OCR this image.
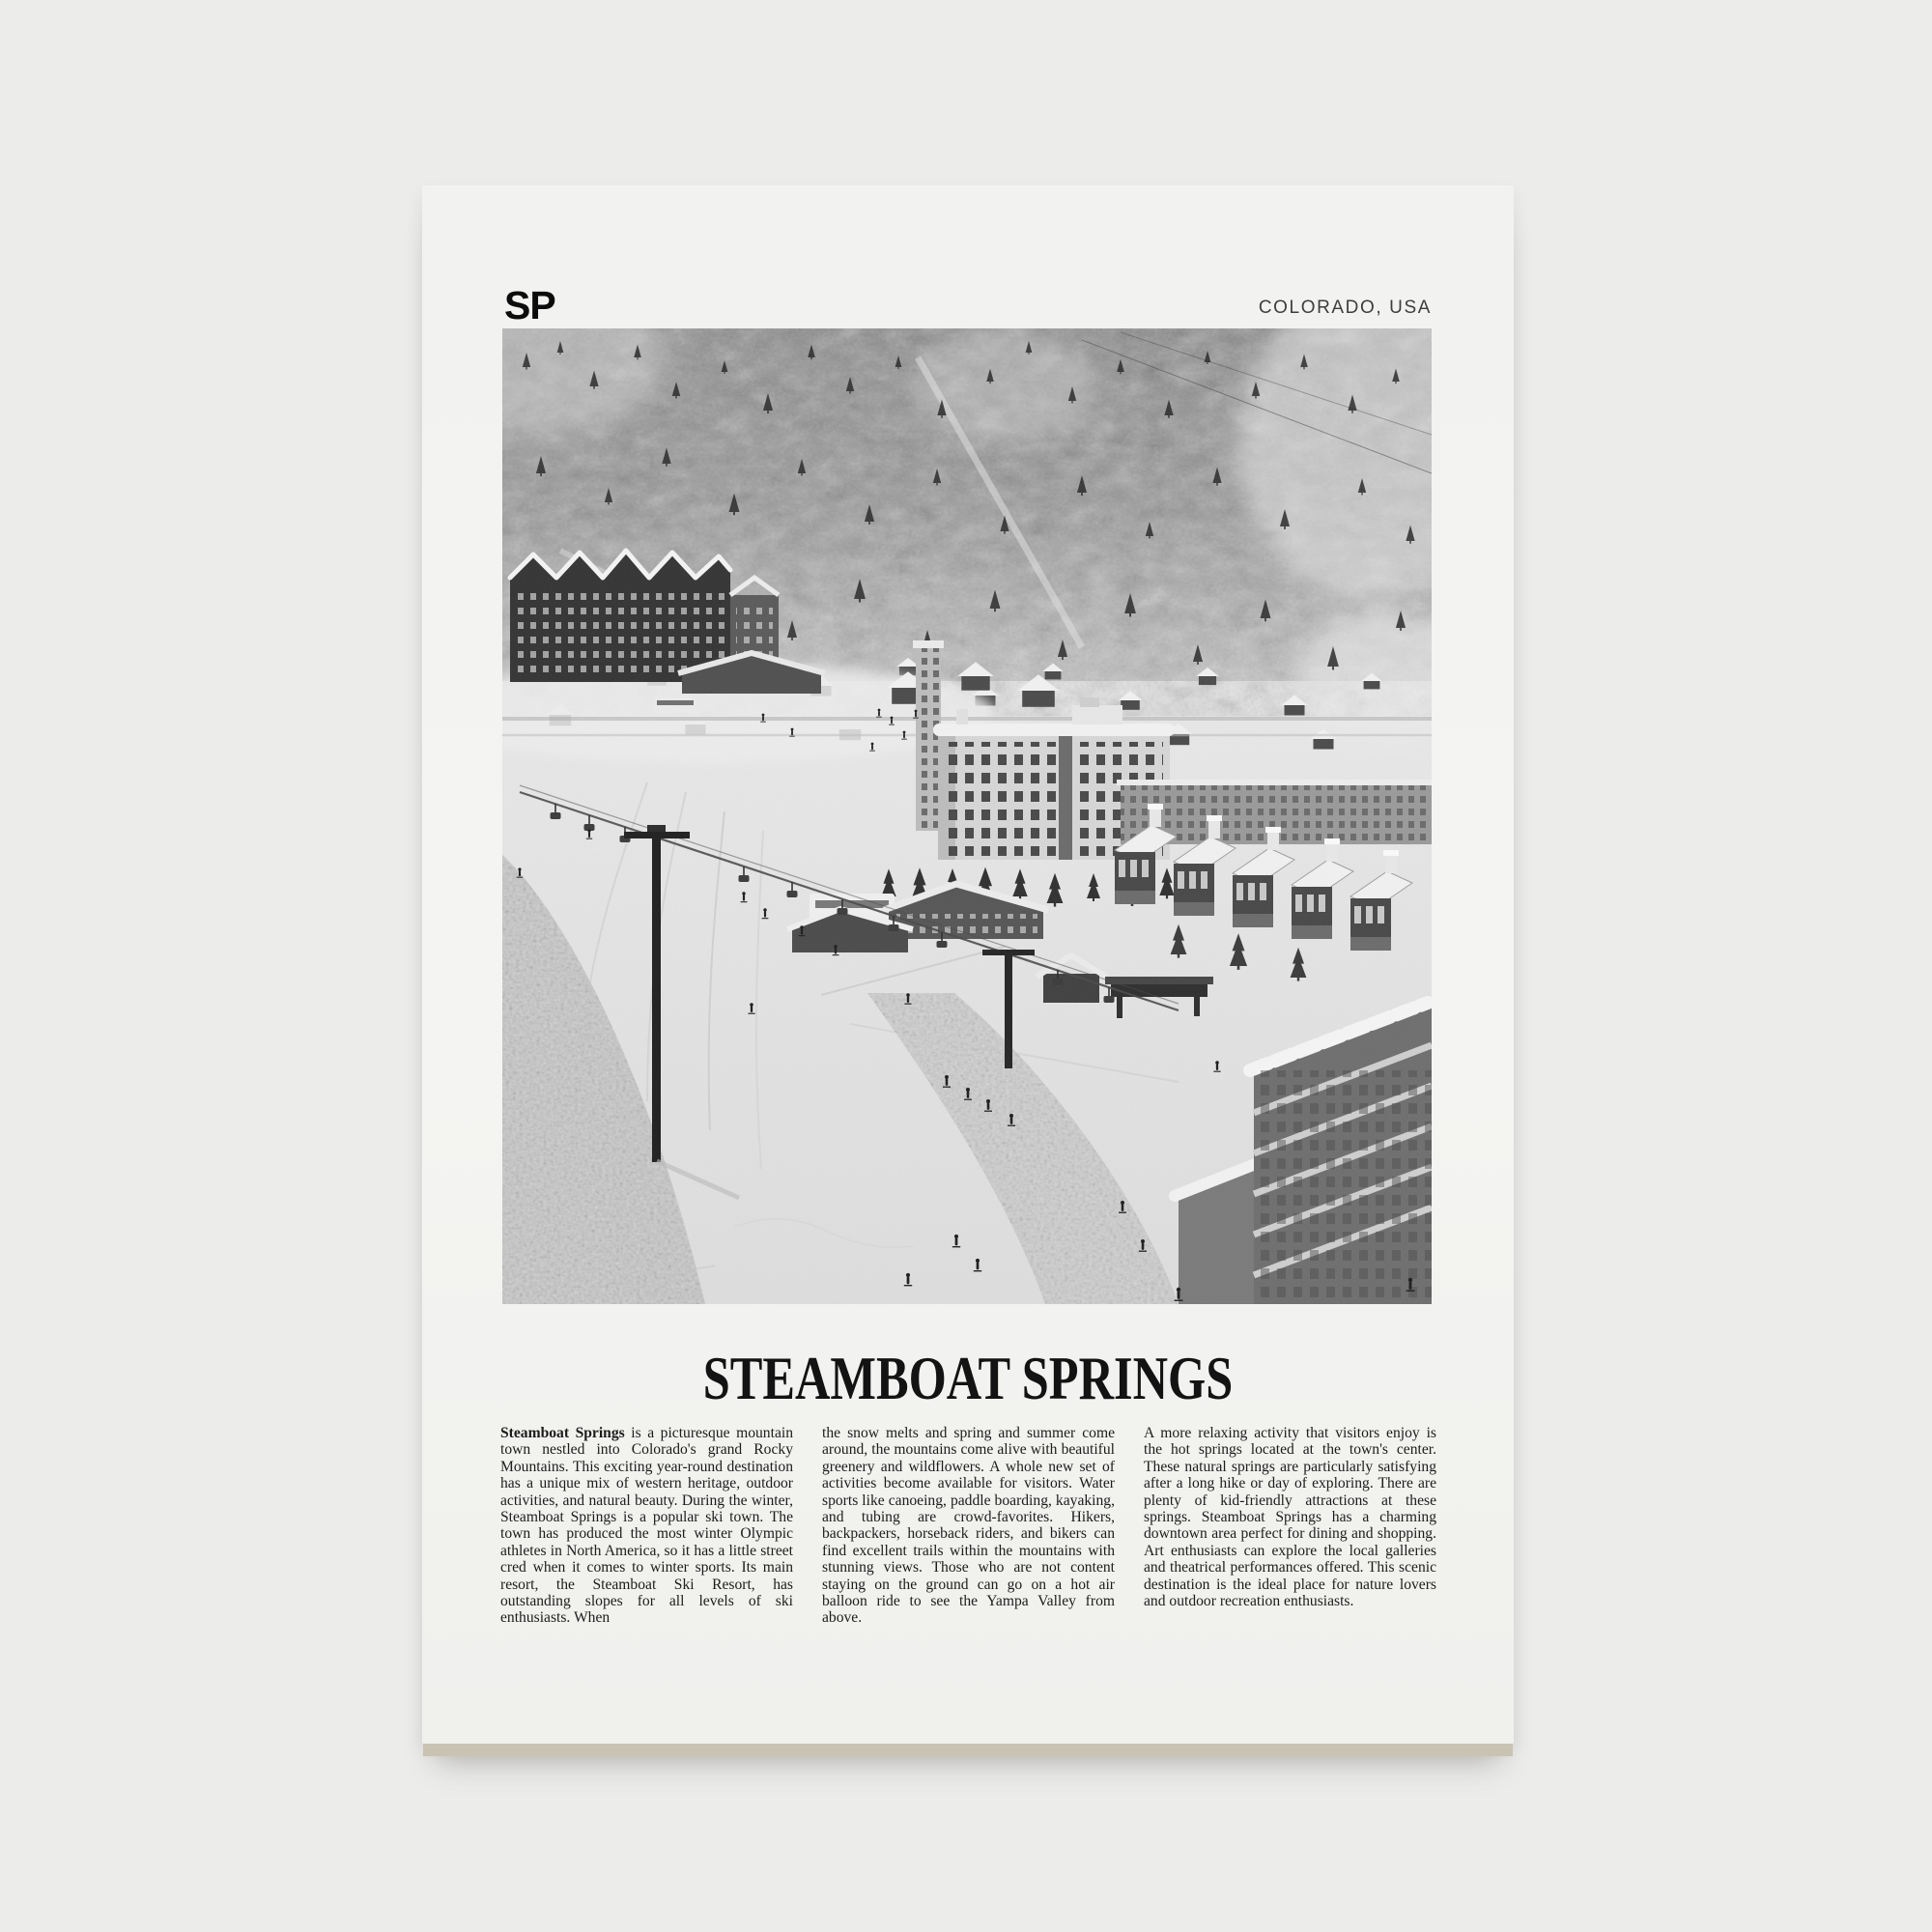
SP	COLORADO, USA
STEAMBOAT SPRINGS

Steamboat Springs is a picturesque mountain town nestled into Colorado's grand Rocky Mountains. This exciting year-round destination has a unique mix of western heritage, outdoor activities, and natural beauty. During the winter, Steamboat Springs is a popular ski town. The town has produced the most winter Olympic athletes in North America, so it has a little street cred when it comes to winter sports. Its main resort, the Steamboat Ski Resort, has outstanding slopes for all levels of ski enthusiasts. When

the snow melts and spring and summer come around, the mountains come alive with beautiful greenery and wildflowers. A whole new set of activities become available for visitors. Water sports like canoeing, paddle boarding, kayaking, and tubing are crowd-favorites. Hikers, backpackers, horseback riders, and bikers can find excellent trails within the mountains with stunning views. Those who are not content staying on the ground can go on a hot air balloon ride to see the Yampa Valley from above.

A more relaxing activity that visitors enjoy is the hot springs located at the town's center. These natural springs are particularly satisfying after a long hike or day of exploring. There are plenty of kid-friendly attractions at these springs. Steamboat Springs has a charming downtown area perfect for dining and shopping. Art enthusiasts can explore the local galleries and theatrical performances offered. This scenic destination is the ideal place for nature lovers and outdoor recreation enthusiasts.
